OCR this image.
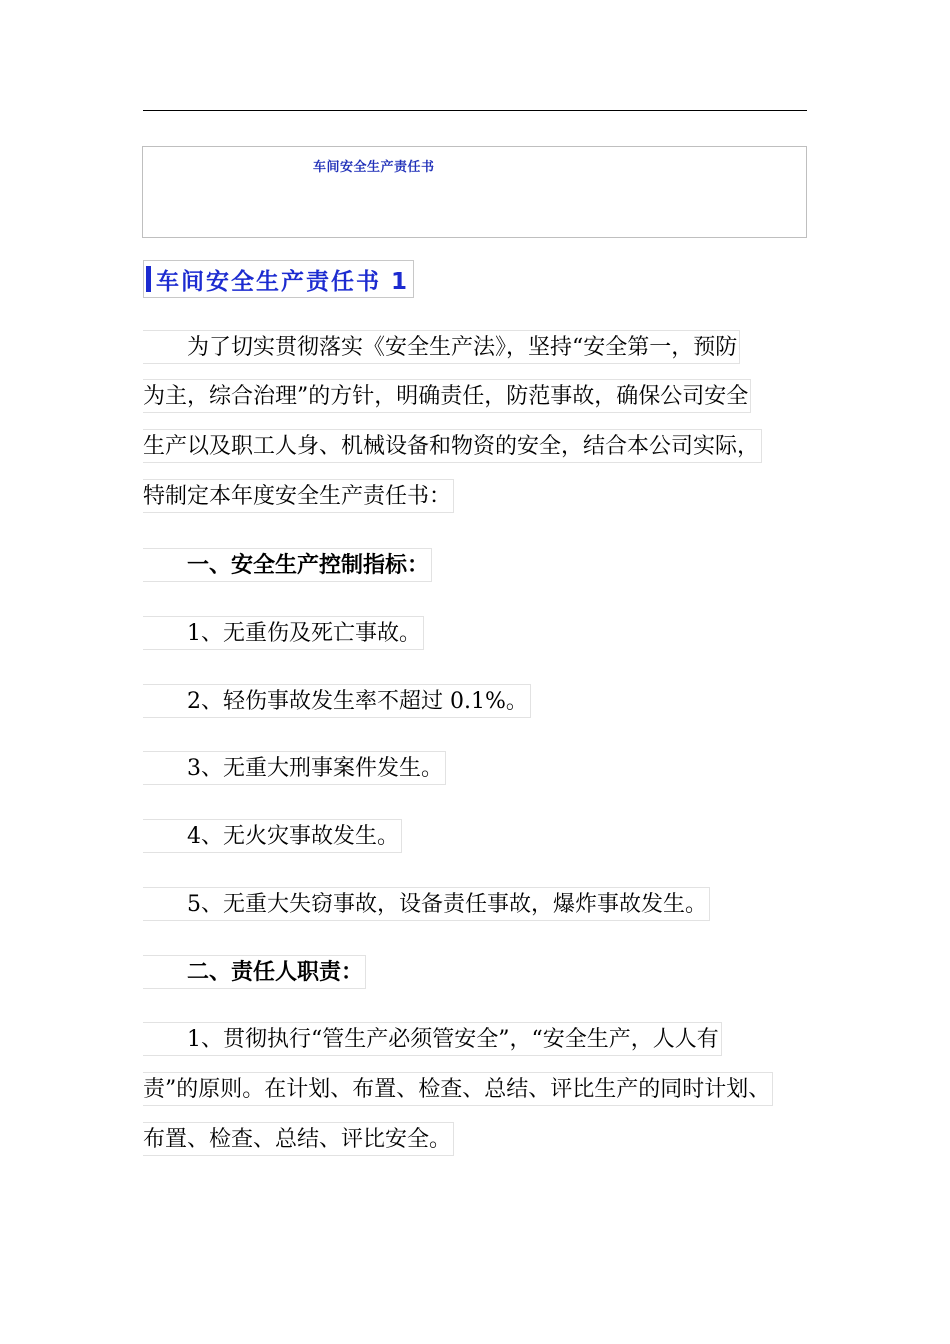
车间安全生产责任书
车间安全生产责任书 1
　　为了切实贯彻落实《安全生产法》，坚持“安全第一，预防
为主，综合治理”的方针，明确责任，防范事故，确保公司安全
生产以及职工人身、机械设备和物资的安全，结合本公司实际，
特制定本年度安全生产责任书：
　　一、安全生产控制指标：
　　1、无重伤及死亡事故。
　　2、轻伤事故发生率不超过 0.1%。
　　3、无重大刑事案件发生。
　　4、无火灾事故发生。
　　5、无重大失窃事故，设备责任事故，爆炸事故发生。
　　二、责任人职责：
　　1、贯彻执行“管生产必须管安全”，“安全生产，人人有
责”的原则。在计划、布置、检查、总结、评比生产的同时计划、
布置、检查、总结、评比安全。
